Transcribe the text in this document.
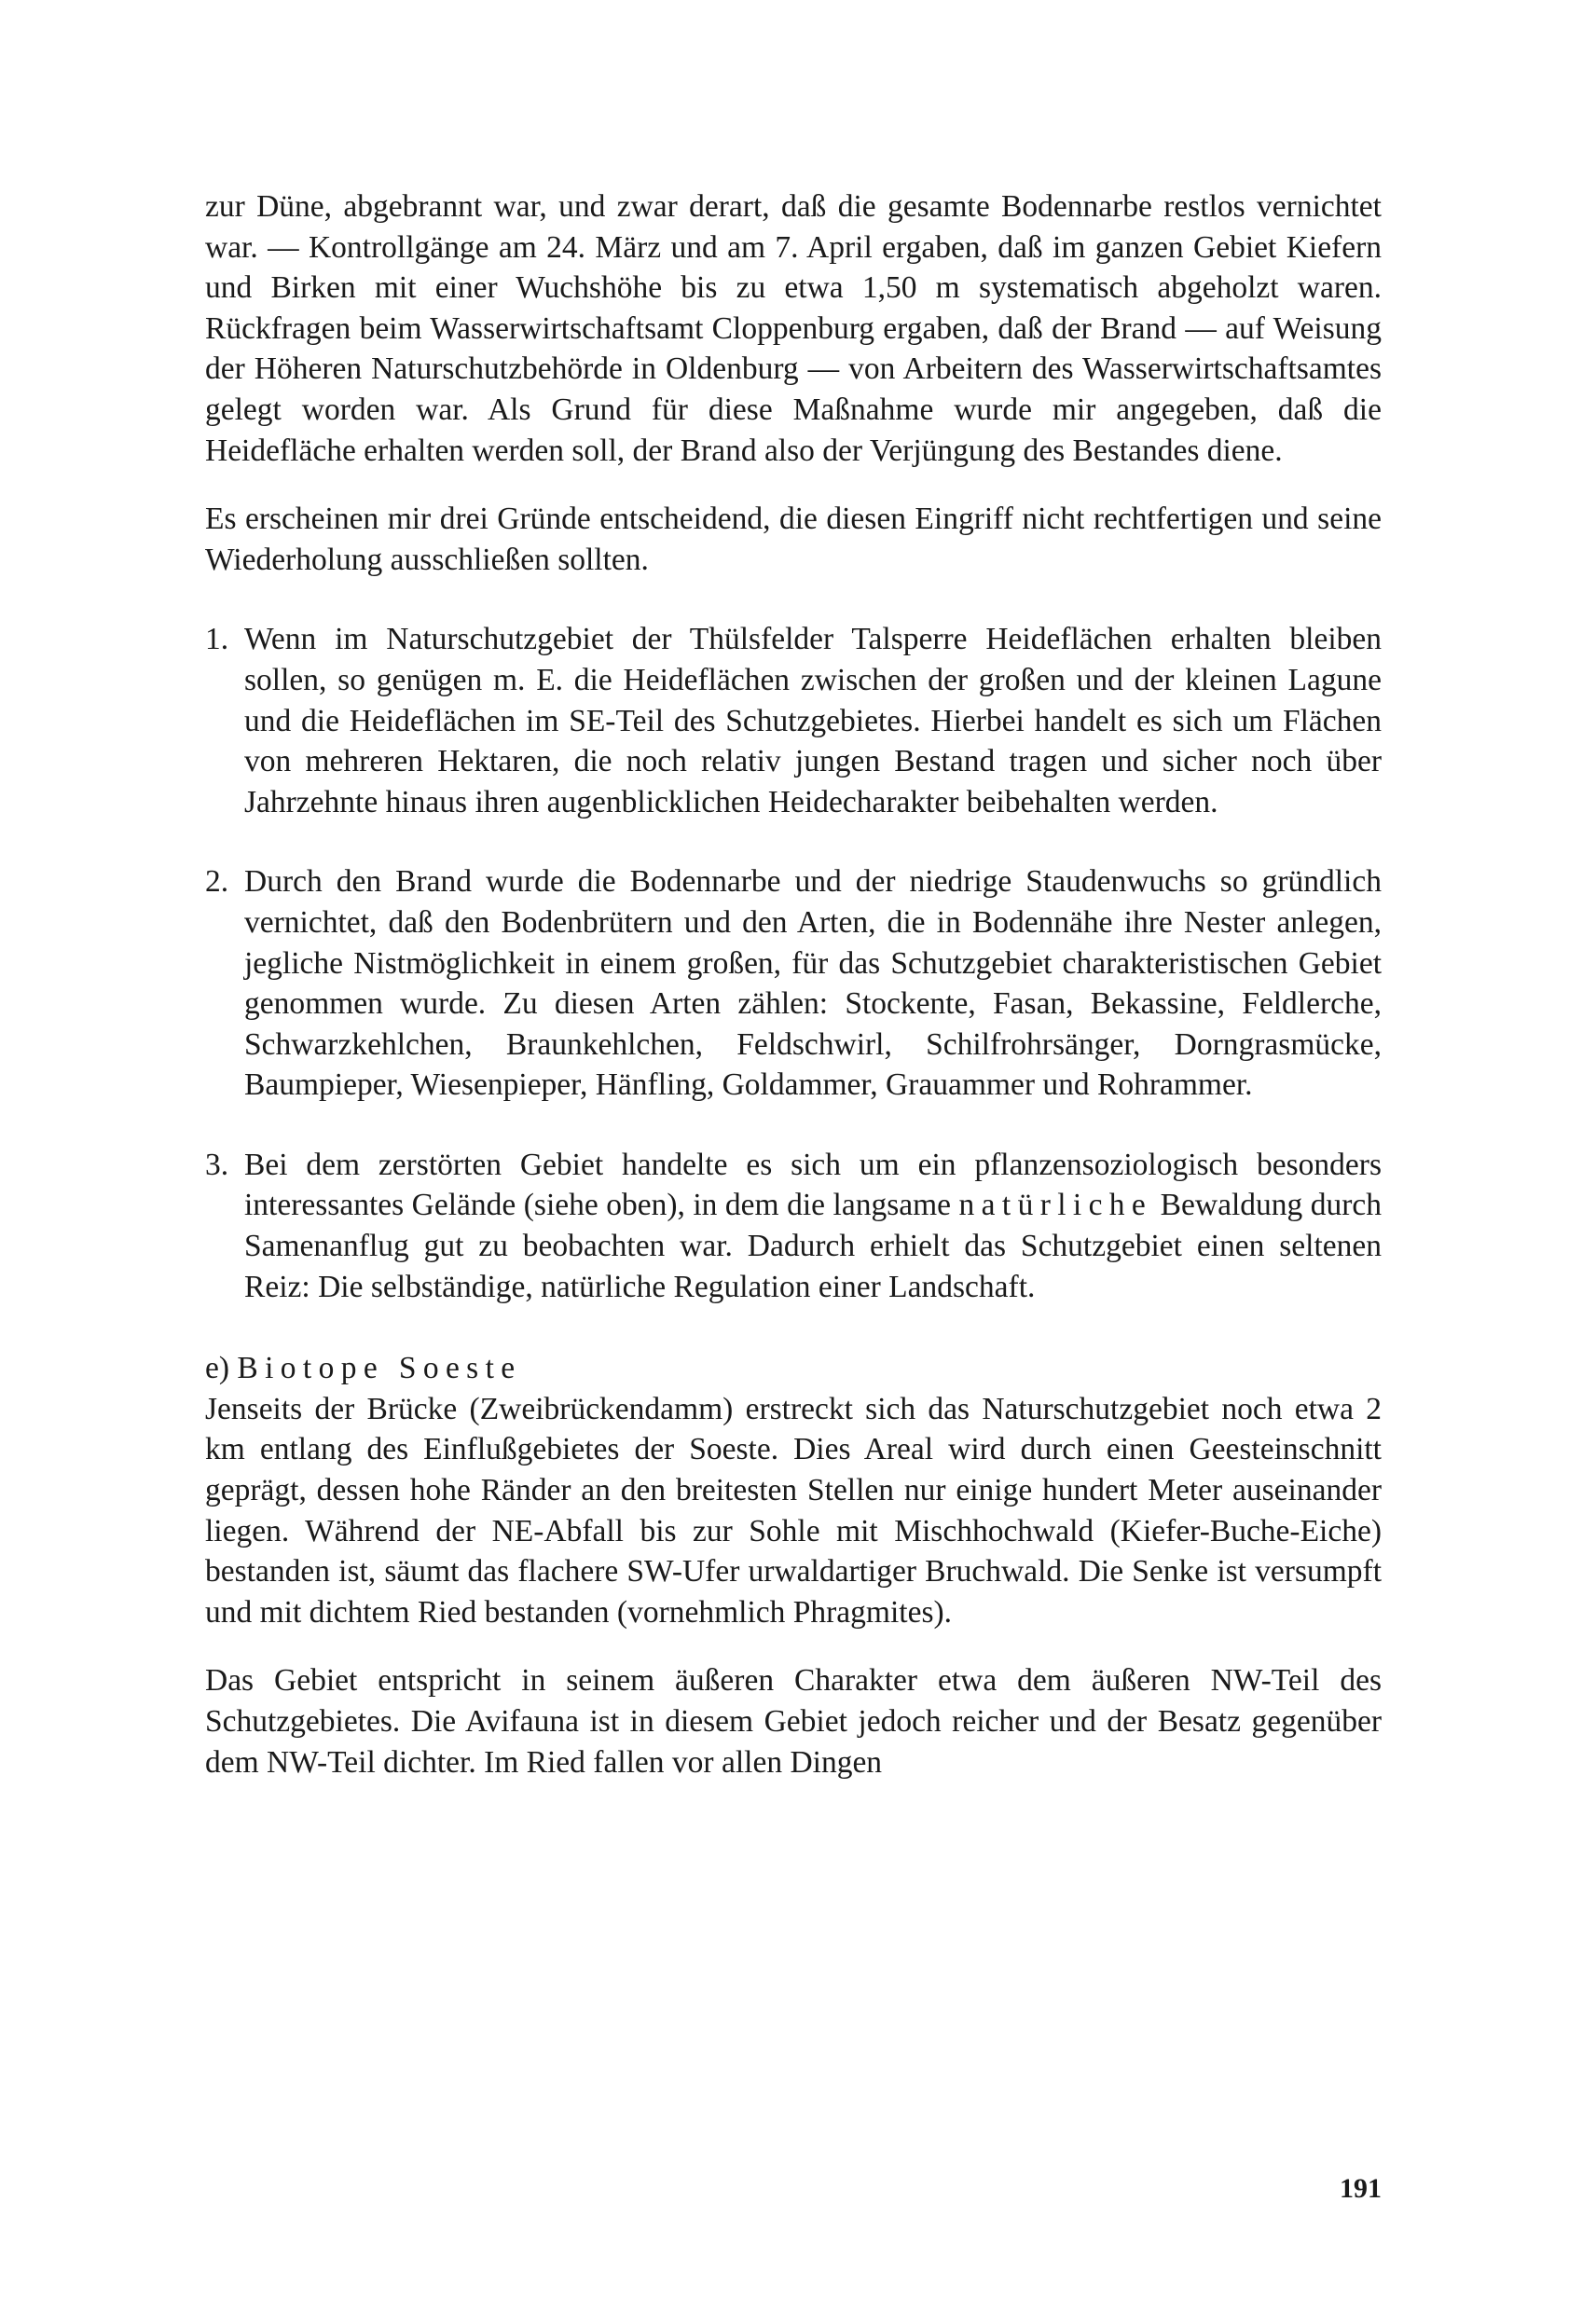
zur Düne, abgebrannt war, und zwar derart, daß die gesamte Bodennarbe restlos vernichtet war. — Kontrollgänge am 24. März und am 7. April ergaben, daß im ganzen Gebiet Kiefern und Birken mit einer Wuchshöhe bis zu etwa 1,50 m systematisch abgeholzt waren. Rückfragen beim Wasserwirtschaftsamt Cloppenburg ergaben, daß der Brand — auf Weisung der Höheren Naturschutzbehörde in Oldenburg — von Arbeitern des Wasserwirtschaftsamtes gelegt worden war. Als Grund für diese Maßnahme wurde mir angegeben, daß die Heidefläche erhalten werden soll, der Brand also der Verjüngung des Bestandes diene.

Es erscheinen mir drei Gründe entscheidend, die diesen Eingriff nicht rechtfertigen und seine Wiederholung ausschließen sollten.

1. Wenn im Naturschutzgebiet der Thülsfelder Talsperre Heideflächen erhalten bleiben sollen, so genügen m. E. die Heideflächen zwischen der großen und der kleinen Lagune und die Heideflächen im SE-Teil des Schutzgebietes. Hierbei handelt es sich um Flächen von mehreren Hektaren, die noch relativ jungen Bestand tragen und sicher noch über Jahrzehnte hinaus ihren augenblicklichen Heidecharakter beibehalten werden.
2. Durch den Brand wurde die Bodennarbe und der niedrige Staudenwuchs so gründlich vernichtet, daß den Bodenbrütern und den Arten, die in Bodennähe ihre Nester anlegen, jegliche Nistmöglichkeit in einem großen, für das Schutzgebiet charakteristischen Gebiet genommen wurde. Zu diesen Arten zählen: Stockente, Fasan, Bekassine, Feldlerche, Schwarzkehlchen, Braunkehlchen, Feldschwirl, Schilfrohrsänger, Dorngrasmücke, Baumpieper, Wiesenpieper, Hänfling, Goldammer, Grauammer und Rohrammer.
3. Bei dem zerstörten Gebiet handelte es sich um ein pflanzensoziologisch besonders interessantes Gelände (siehe oben), in dem die langsame natürliche Bewaldung durch Samenanflug gut zu beobachten war. Dadurch erhielt das Schutzgebiet einen seltenen Reiz: Die selbständige, natürliche Regulation einer Landschaft.
e) Biotope Soeste

Jenseits der Brücke (Zweibrückendamm) erstreckt sich das Naturschutzgebiet noch etwa 2 km entlang des Einflußgebietes der Soeste. Dies Areal wird durch einen Geesteinschnitt geprägt, dessen hohe Ränder an den breitesten Stellen nur einige hundert Meter auseinander liegen. Während der NE-Abfall bis zur Sohle mit Mischhochwald (Kiefer-Buche-Eiche) bestanden ist, säumt das flachere SW-Ufer urwaldartiger Bruchwald. Die Senke ist versumpft und mit dichtem Ried bestanden (vornehmlich Phragmites).

Das Gebiet entspricht in seinem äußeren Charakter etwa dem äußeren NW-Teil des Schutzgebietes. Die Avifauna ist in diesem Gebiet jedoch reicher und der Besatz gegenüber dem NW-Teil dichter. Im Ried fallen vor allen Dingen

191
